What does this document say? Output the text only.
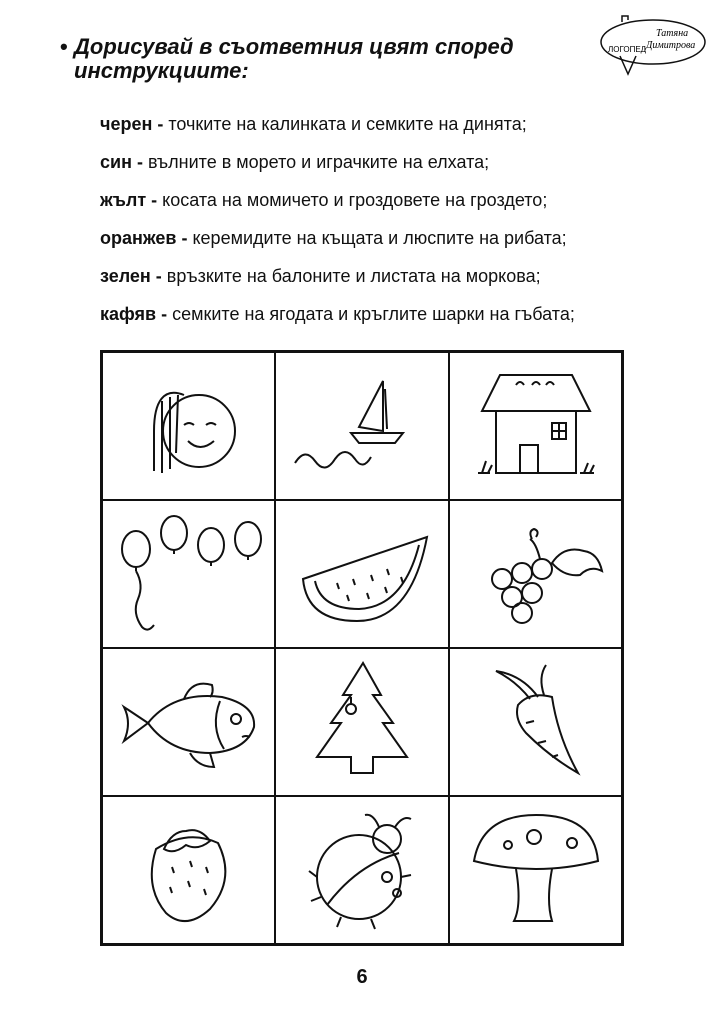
• Дорисувай в съответния цвят според
инструкциите:
ЛОГОПЕД
Татяна
Димитрова
черен - точките на калинката и семките на динята;
син - вълните в морето и играчките на елхата;
жълт - косата на момичето и гроздовете на гроздето;
оранжев - керемидите на къщата и люспите на рибата;
зелен - връзките на балоните и листата на моркова;
кафяв - семките на ягодата и кръглите шарки на гъбата;
6
